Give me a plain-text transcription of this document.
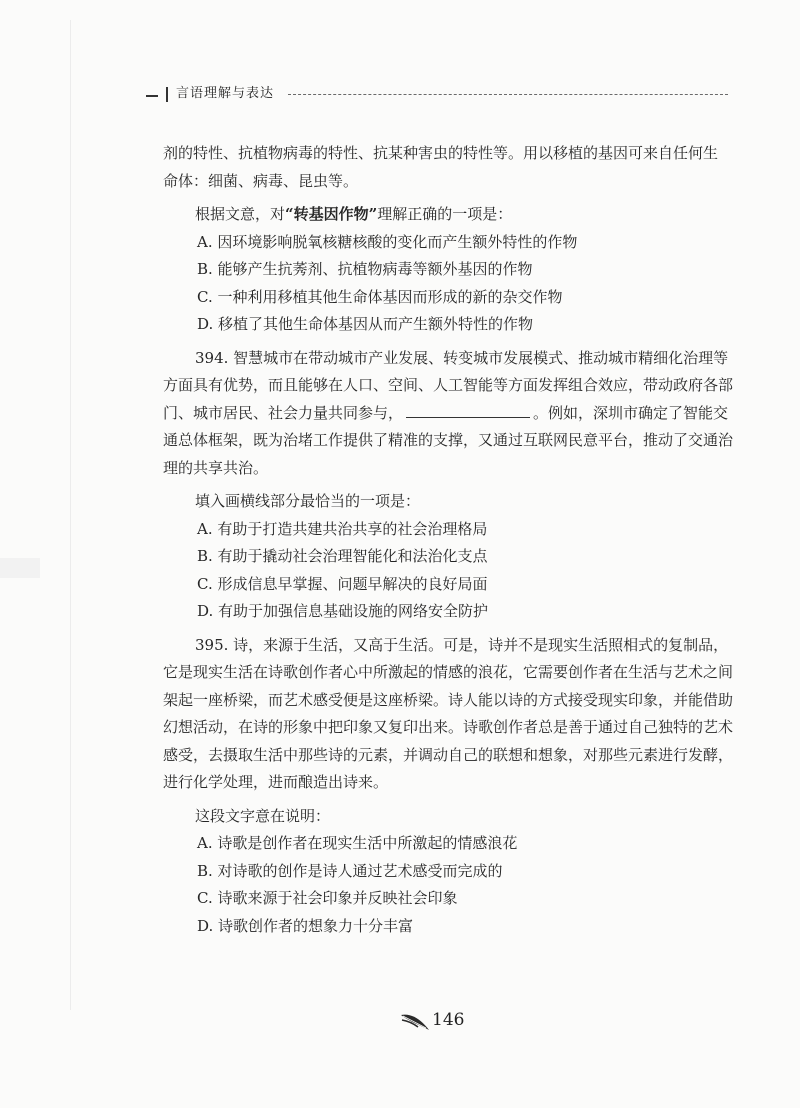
言语理解与表达

剂的特性、抗植物病毒的特性、抗某种害虫的特性等。用以移植的基因可来自任何生

命体：细菌、病毒、昆虫等。

根据文意，对“转基因作物”理解正确的一项是：

A. 因环境影响脱氧核糖核酸的变化而产生额外特性的作物

B. 能够产生抗莠剂、抗植物病毒等额外基因的作物

C. 一种利用移植其他生命体基因而形成的新的杂交作物

D. 移植了其他生命体基因从而产生额外特性的作物

394. 智慧城市在带动城市产业发展、转变城市发展模式、推动城市精细化治理等方面具有优势，而且能够在人口、空间、人工智能等方面发挥组合效应，带动政府各部门、城市居民、社会力量共同参与，	。例如，深圳市确定了智能交通总体框架，既为治堵工作提供了精准的支撑，又通过互联网民意平台，推动了交通治理的共享共治。

填入画横线部分最恰当的一项是：

A. 有助于打造共建共治共享的社会治理格局

B. 有助于撬动社会治理智能化和法治化支点

C. 形成信息早掌握、问题早解决的良好局面

D. 有助于加强信息基础设施的网络安全防护

395. 诗，来源于生活，又高于生活。可是，诗并不是现实生活照相式的复制品，它是现实生活在诗歌创作者心中所激起的情感的浪花，它需要创作者在生活与艺术之间架起一座桥梁，而艺术感受便是这座桥梁。诗人能以诗的方式接受现实印象，并能借助幻想活动，在诗的形象中把印象又复印出来。诗歌创作者总是善于通过自己独特的艺术感受，去摄取生活中那些诗的元素，并调动自己的联想和想象，对那些元素进行发酵，进行化学处理，进而酿造出诗来。

这段文字意在说明：

A. 诗歌是创作者在现实生活中所激起的情感浪花

B. 对诗歌的创作是诗人通过艺术感受而完成的

C. 诗歌来源于社会印象并反映社会印象

D. 诗歌创作者的想象力十分丰富

146
